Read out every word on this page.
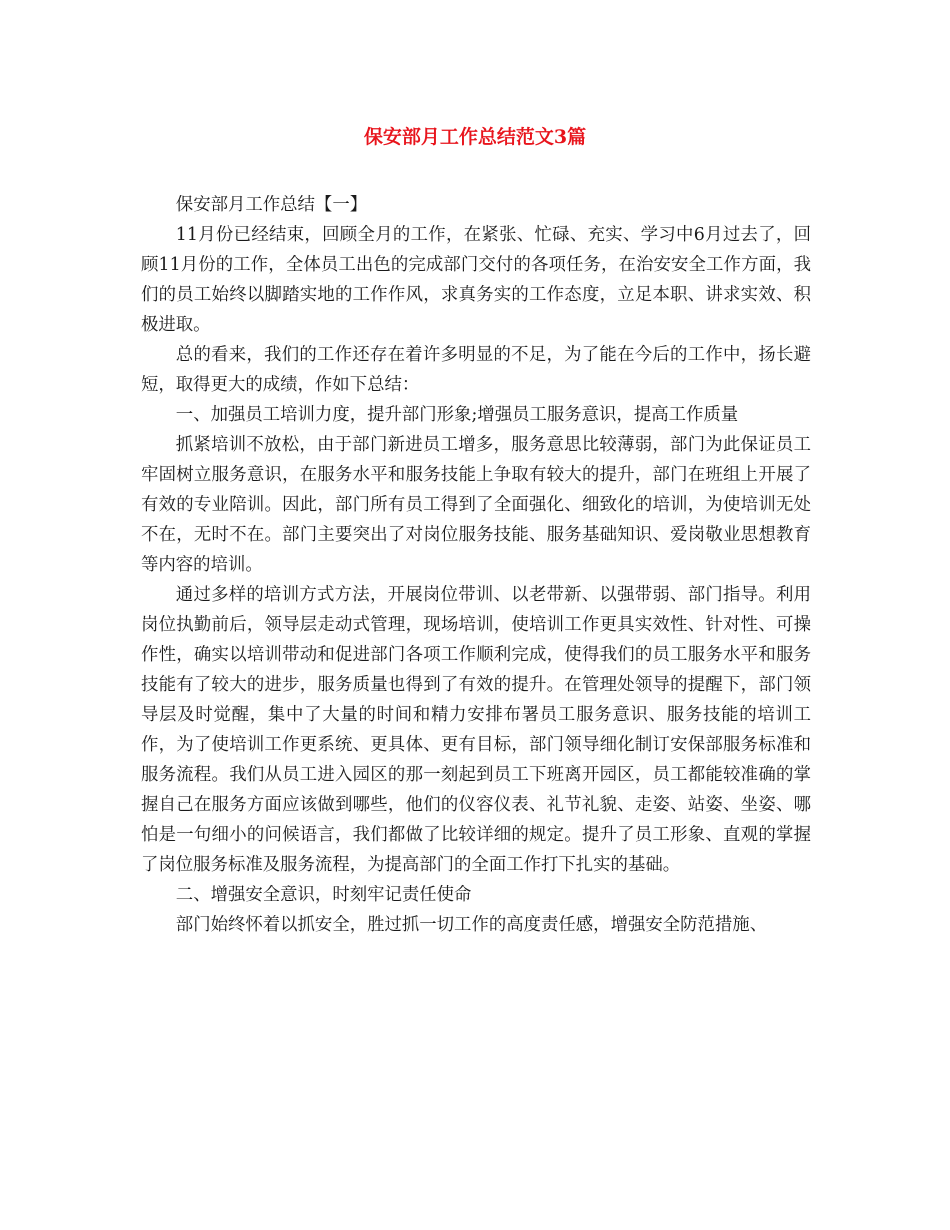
保安部月工作总结范文3篇

保安部月工作总结【一】

11月份已经结束，回顾全月的工作，在紧张、忙碌、充实、学习中6月过去了，回顾11月份的工作，全体员工出色的完成部门交付的各项任务，在治安安全工作方面，我们的员工始终以脚踏实地的工作作风，求真务实的工作态度，立足本职、讲求实效、积极进取。

总的看来，我们的工作还存在着许多明显的不足，为了能在今后的工作中，扬长避短，取得更大的成绩，作如下总结：

一、加强员工培训力度，提升部门形象;增强员工服务意识，提高工作质量

抓紧培训不放松，由于部门新进员工增多，服务意思比较薄弱，部门为此保证员工牢固树立服务意识，在服务水平和服务技能上争取有较大的提升，部门在班组上开展了有效的专业陪训。因此，部门所有员工得到了全面强化、细致化的培训，为使培训无处不在，无时不在。部门主要突出了对岗位服务技能、服务基础知识、爱岗敬业思想教育等内容的培训。

通过多样的培训方式方法，开展岗位带训、以老带新、以强带弱、部门指导。利用岗位执勤前后，领导层走动式管理，现场培训，使培训工作更具实效性、针对性、可操作性，确实以培训带动和促进部门各项工作顺利完成，使得我们的员工服务水平和服务技能有了较大的进步，服务质量也得到了有效的提升。在管理处领导的提醒下，部门领导层及时觉醒，集中了大量的时间和精力安排布署员工服务意识、服务技能的培训工作，为了使培训工作更系统、更具体、更有目标，部门领导细化制订安保部服务标准和服务流程。我们从员工进入园区的那一刻起到员工下班离开园区，员工都能较准确的掌握自己在服务方面应该做到哪些，他们的仪容仪表、礼节礼貌、走姿、站姿、坐姿、哪怕是一句细小的问候语言，我们都做了比较详细的规定。提升了员工形象、直观的掌握了岗位服务标准及服务流程，为提高部门的全面工作打下扎实的基础。

二、增强安全意识，时刻牢记责任使命

部门始终怀着以抓安全，胜过抓一切工作的高度责任感，增强安全防范措施、
